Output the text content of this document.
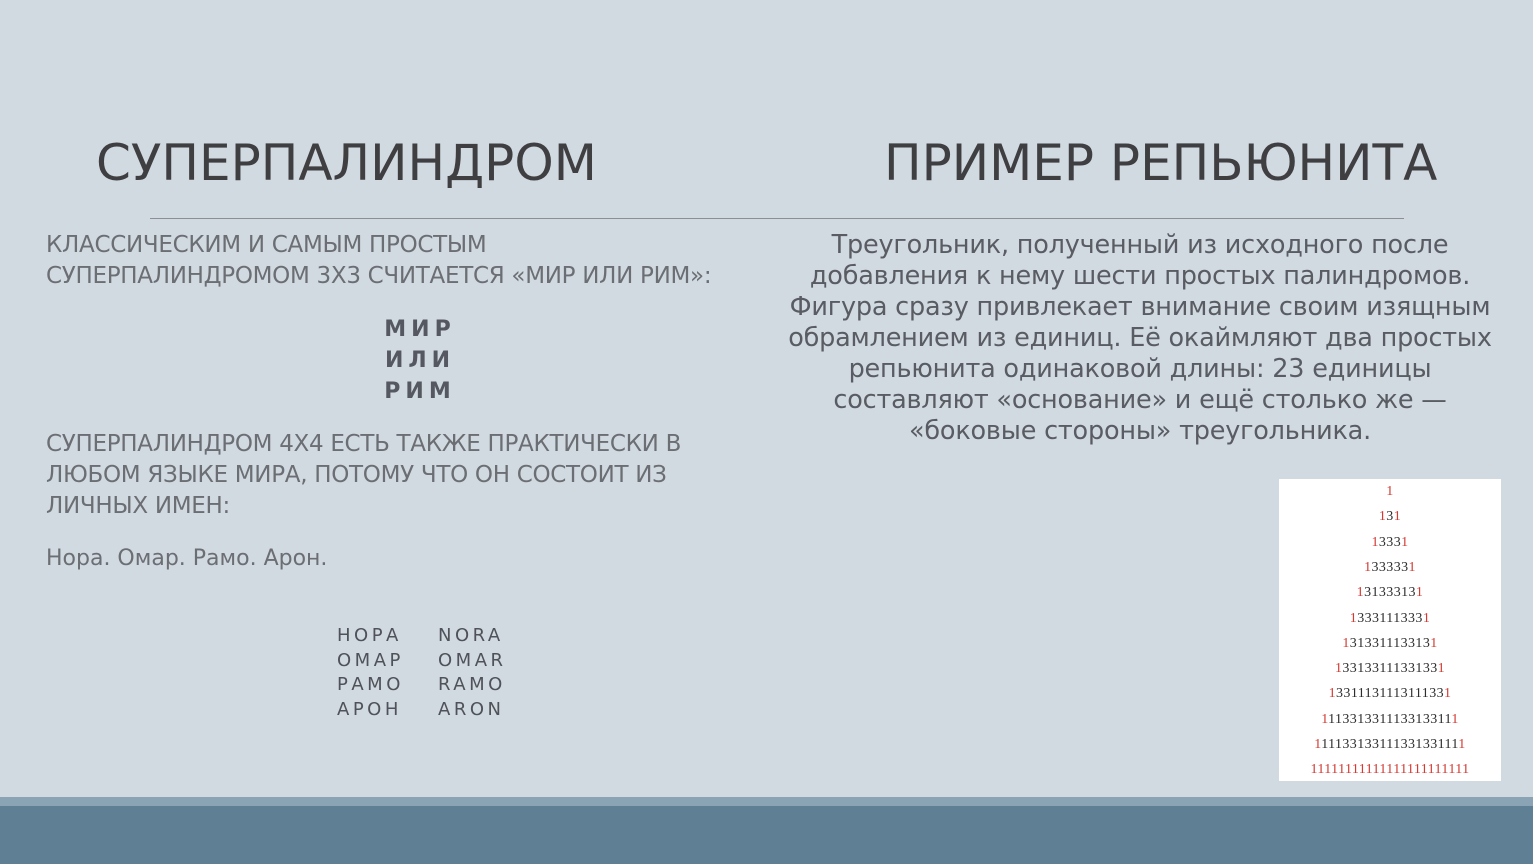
СУПЕРПАЛИНДРОМ	ПРИМЕР РЕПЬЮНИТА
КЛАССИЧЕСКИМ И САМЫМ ПРОСТЫМ
СУПЕРПАЛИНДРОМОМ 3Х3 СЧИТАЕТСЯ «МИР ИЛИ РИМ»:
МИР
ИЛИ
РИМ
СУПЕРПАЛИНДРОМ 4Х4 ЕСТЬ ТАКЖЕ ПРАКТИЧЕСКИ В
ЛЮБОМ ЯЗЫКЕ МИРА, ПОТОМУ ЧТО ОН СОСТОИТ ИЗ
ЛИЧНЫХ ИМЕН:
Нора. Омар. Рамо. Арон.
НОРА
ОМАР
РАМО
АРОН
NORA
OMAR
RAMO
ARON
Треугольник, полученный из исходного после
добавления к нему шести простых палиндромов.
Фигура сразу привлекает внимание своим изящным
обрамлением из единиц. Её окаймляют два простых
репьюнита одинаковой длины: 23 единицы
составляют «основание» и ещё столько же —
«боковые стороны» треугольника.
1
131
13331
1333331
131333131
13331113331
1313311133131
133133111331331
13311131113111331
1113313311133133111
111133133111331331111
11111111111111111111111
